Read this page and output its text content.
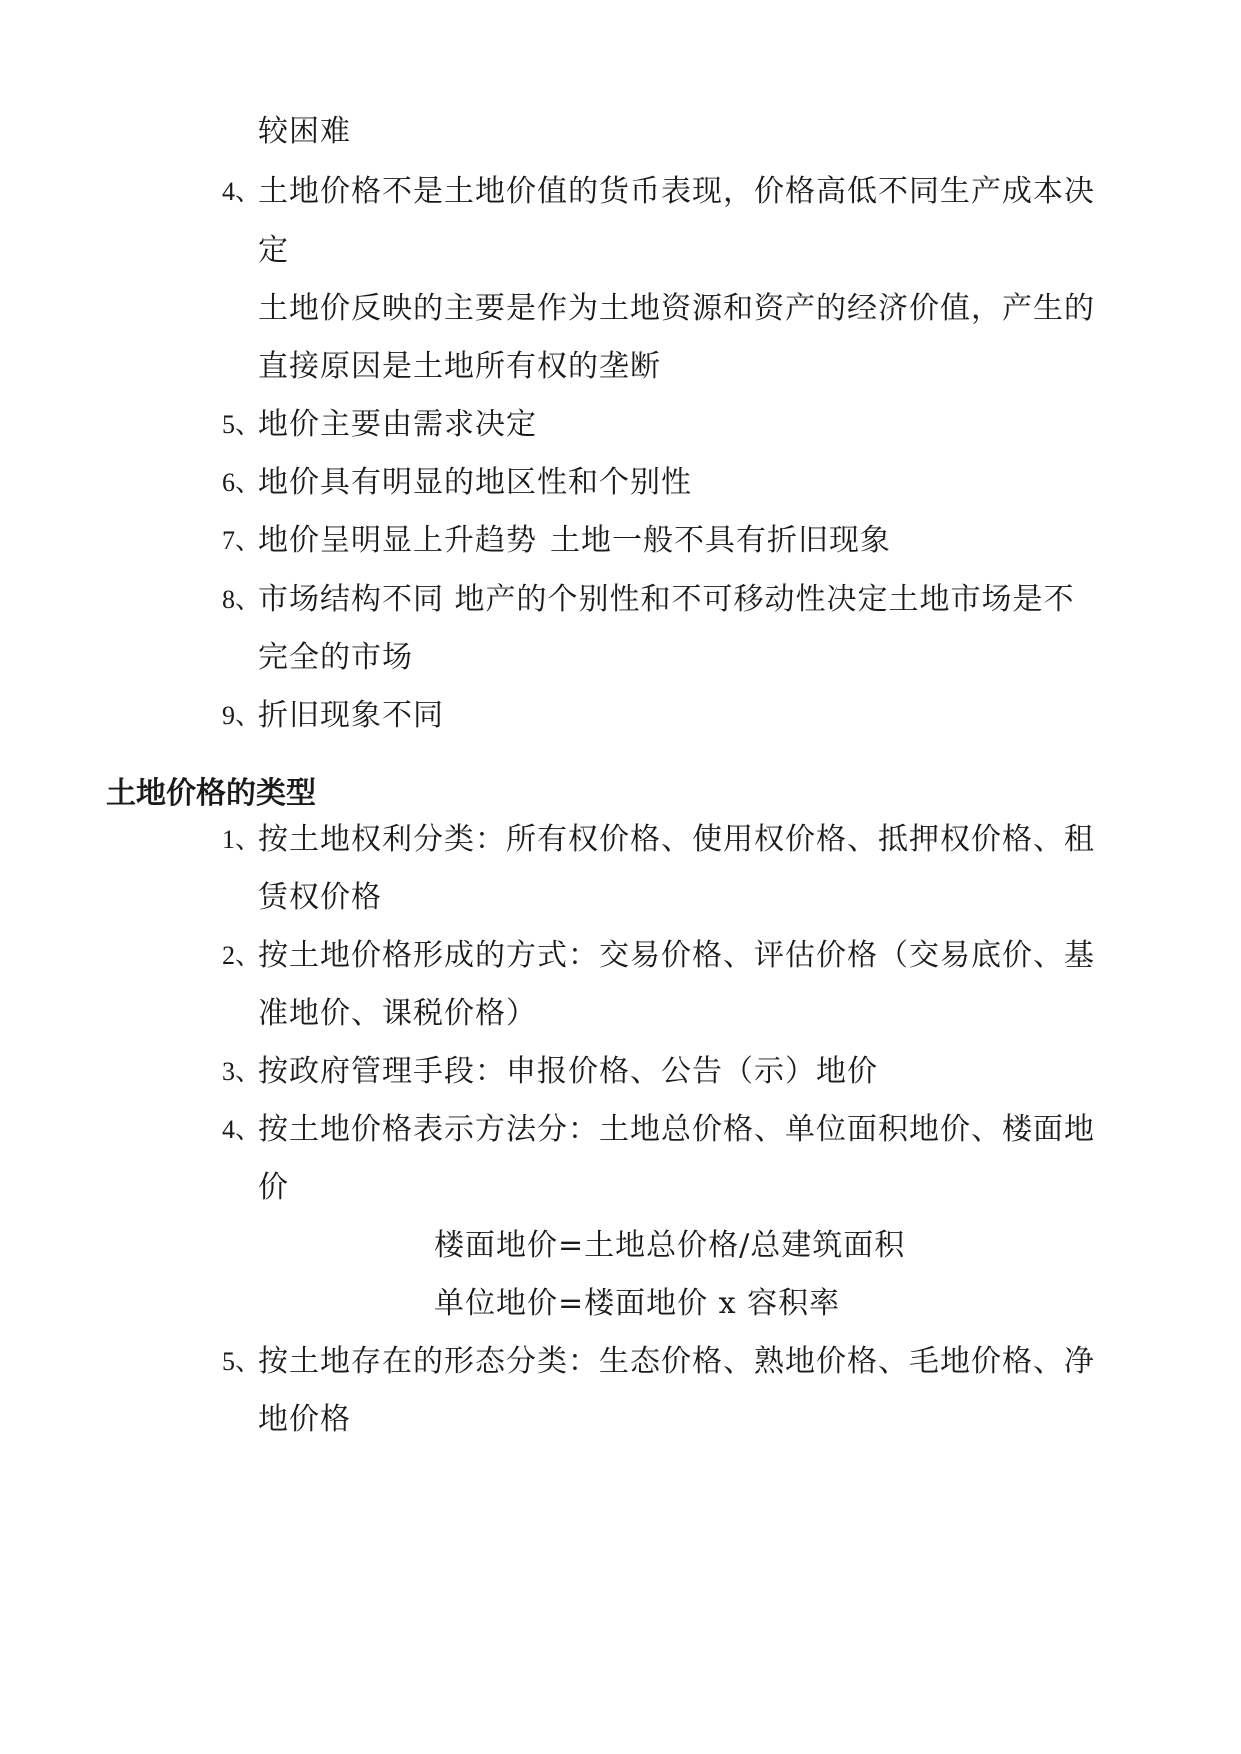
较困难
4、
土地价格不是土地价值的货币表现，价格高低不同生产成本决
定
土地价反映的主要是作为土地资源和资产的经济价值，产生的
直接原因是土地所有权的垄断
5、
地价主要由需求决定
6、
地价具有明显的地区性和个别性
7、
地价呈明显上升趋势 土地一般不具有折旧现象
8、
市场结构不同 地产的个别性和不可移动性决定土地市场是不
完全的市场
9、
折旧现象不同
土地价格的类型
1、
按土地权利分类：所有权价格、使用权价格、抵押权价格、租
赁权价格
2、
按土地价格形成的方式：交易价格、评估价格（交易底价、基
准地价、课税价格）
3、
按政府管理手段：申报价格、公告（示）地价
4、
按土地价格表示方法分：土地总价格、单位面积地价、楼面地
价
楼面地价=土地总价格/总建筑面积
单位地价=楼面地价 x 容积率
5、
按土地存在的形态分类：生态价格、熟地价格、毛地价格、净
地价格
